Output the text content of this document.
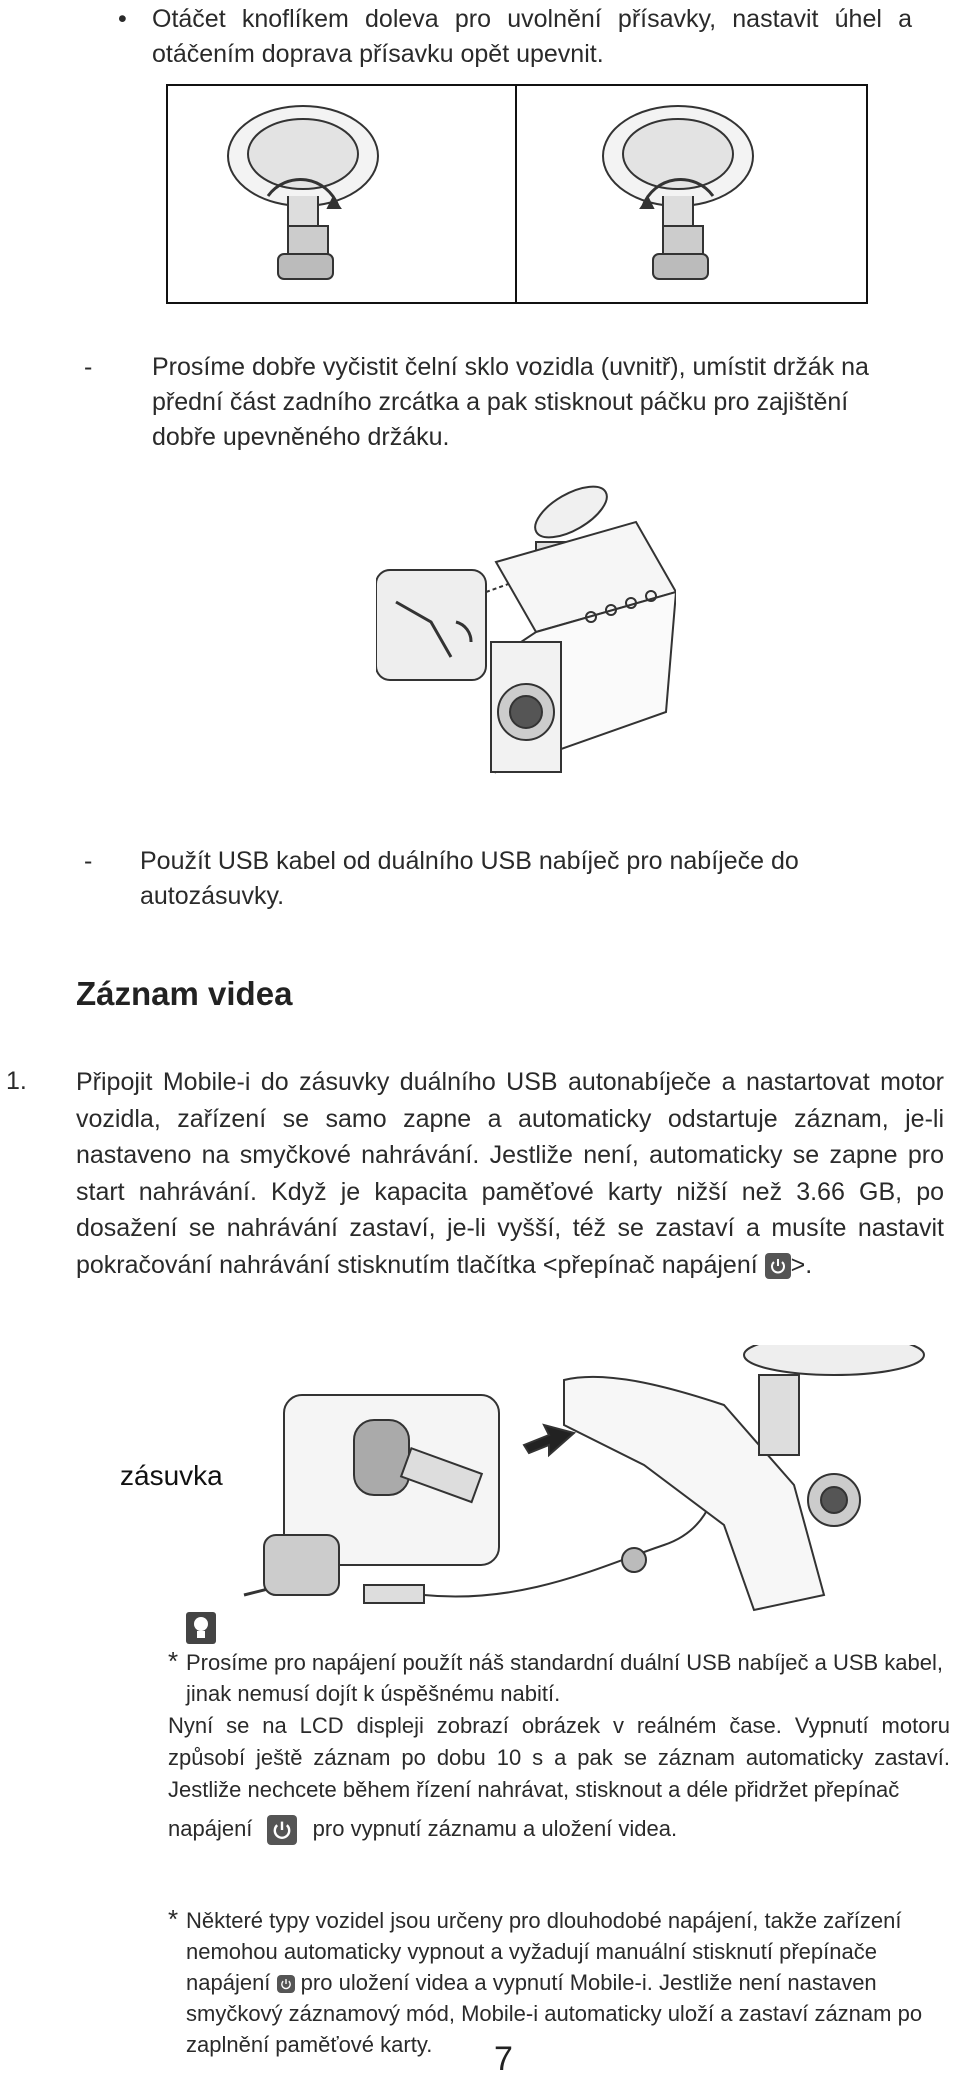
• Otáčet knoflíkem doleva pro uvolnění přísavky, nastavit úhel a otáčením doprava přísavku opět upevnit.

- Prosíme dobře vyčistit čelní sklo vozidla (uvnitř), umístit držák na přední část zadního zrcátka a pak stisknout páčku pro zajištění dobře upevněného držáku.

- Použít USB kabel od duálního USB nabíječ pro nabíječe do autozásuvky.

Záznam videa
1. Připojit Mobile-i do zásuvky duálního USB autonabíječe a nastartovat motor vozidla, zařízení se samo zapne a automaticky odstartuje záznam, je-li nastaveno na smyčkové nahrávání. Jestliže není, automaticky se zapne pro start nahrávání. Když je kapacita paměťové karty nižší než 3.66 GB, po dosažení se nahrávání zastaví, je-li vyšší, též se zastaví a musíte nastavit pokračování nahrávání stisknutím tlačítka <přepínač napájení >.

zásuvka
* Prosíme pro napájení použít náš standardní duální USB nabíječ a USB kabel, jinak nemusí dojít k úspěšnému nabití.

Nyní se na LCD displeji zobrazí obrázek v reálném čase. Vypnutí motoru způsobí ještě záznam po dobu 10 s a pak se záznam automaticky zastaví. Jestliže nechcete během řízení nahrávat, stisknout a déle přidržet přepínač

napájení	pro vypnutí záznamu a uložení videa.
* Některé typy vozidel jsou určeny pro dlouhodobé napájení, takže zařízení nemohou automaticky vypnout a vyžadují manuální stisknutí přepínače napájení pro uložení videa a vypnutí Mobile-i. Jestliže není nastaven smyčkový záznamový mód, Mobile-i automaticky uloží a zastaví záznam po zaplnění paměťové karty.	7
